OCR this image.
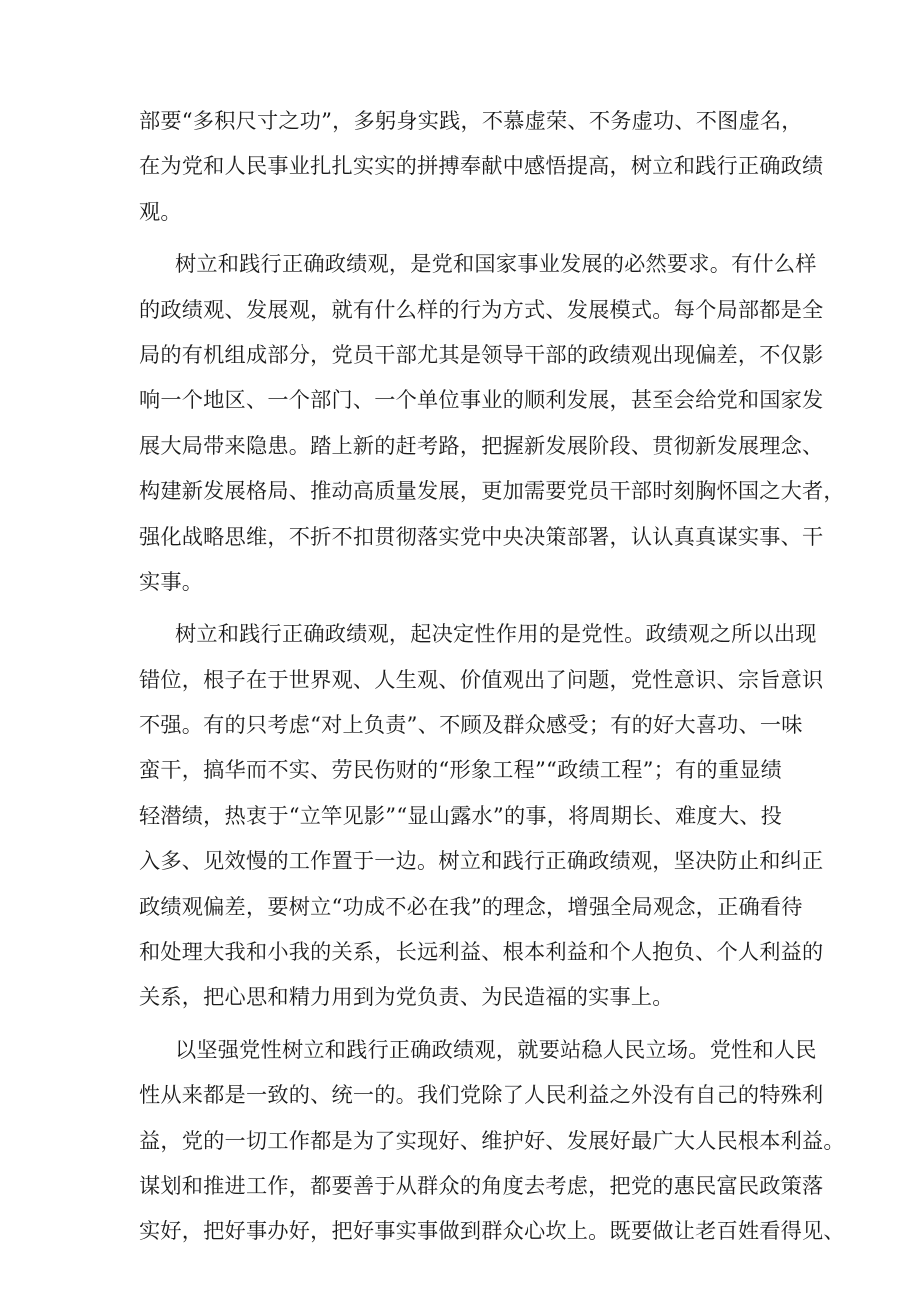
部要“多积尺寸之功”，多躬身实践，不慕虚荣、不务虚功、不图虚名，
在为党和人民事业扎扎实实的拼搏奉献中感悟提高，树立和践行正确政绩
观。
树立和践行正确政绩观，是党和国家事业发展的必然要求。有什么样
的政绩观、发展观，就有什么样的行为方式、发展模式。每个局部都是全
局的有机组成部分，党员干部尤其是领导干部的政绩观出现偏差，不仅影
响一个地区、一个部门、一个单位事业的顺利发展，甚至会给党和国家发
展大局带来隐患。踏上新的赶考路，把握新发展阶段、贯彻新发展理念、
构建新发展格局、推动高质量发展，更加需要党员干部时刻胸怀国之大者，
强化战略思维，不折不扣贯彻落实党中央决策部署，认认真真谋实事、干
实事。
树立和践行正确政绩观，起决定性作用的是党性。政绩观之所以出现
错位，根子在于世界观、人生观、价值观出了问题，党性意识、宗旨意识
不强。有的只考虑“对上负责”、不顾及群众感受；有的好大喜功、一味
蛮干，搞华而不实、劳民伤财的“形象工程”“政绩工程”；有的重显绩
轻潜绩，热衷于“立竿见影”“显山露水”的事，将周期长、难度大、投
入多、见效慢的工作置于一边。树立和践行正确政绩观，坚决防止和纠正
政绩观偏差，要树立“功成不必在我”的理念，增强全局观念，正确看待
和处理大我和小我的关系，长远利益、根本利益和个人抱负、个人利益的
关系，把心思和精力用到为党负责、为民造福的实事上。
以坚强党性树立和践行正确政绩观，就要站稳人民立场。党性和人民
性从来都是一致的、统一的。我们党除了人民利益之外没有自己的特殊利
益，党的一切工作都是为了实现好、维护好、发展好最广大人民根本利益。
谋划和推进工作，都要善于从群众的角度去考虑，把党的惠民富民政策落
实好，把好事办好，把好事实事做到群众心坎上。既要做让老百姓看得见、
